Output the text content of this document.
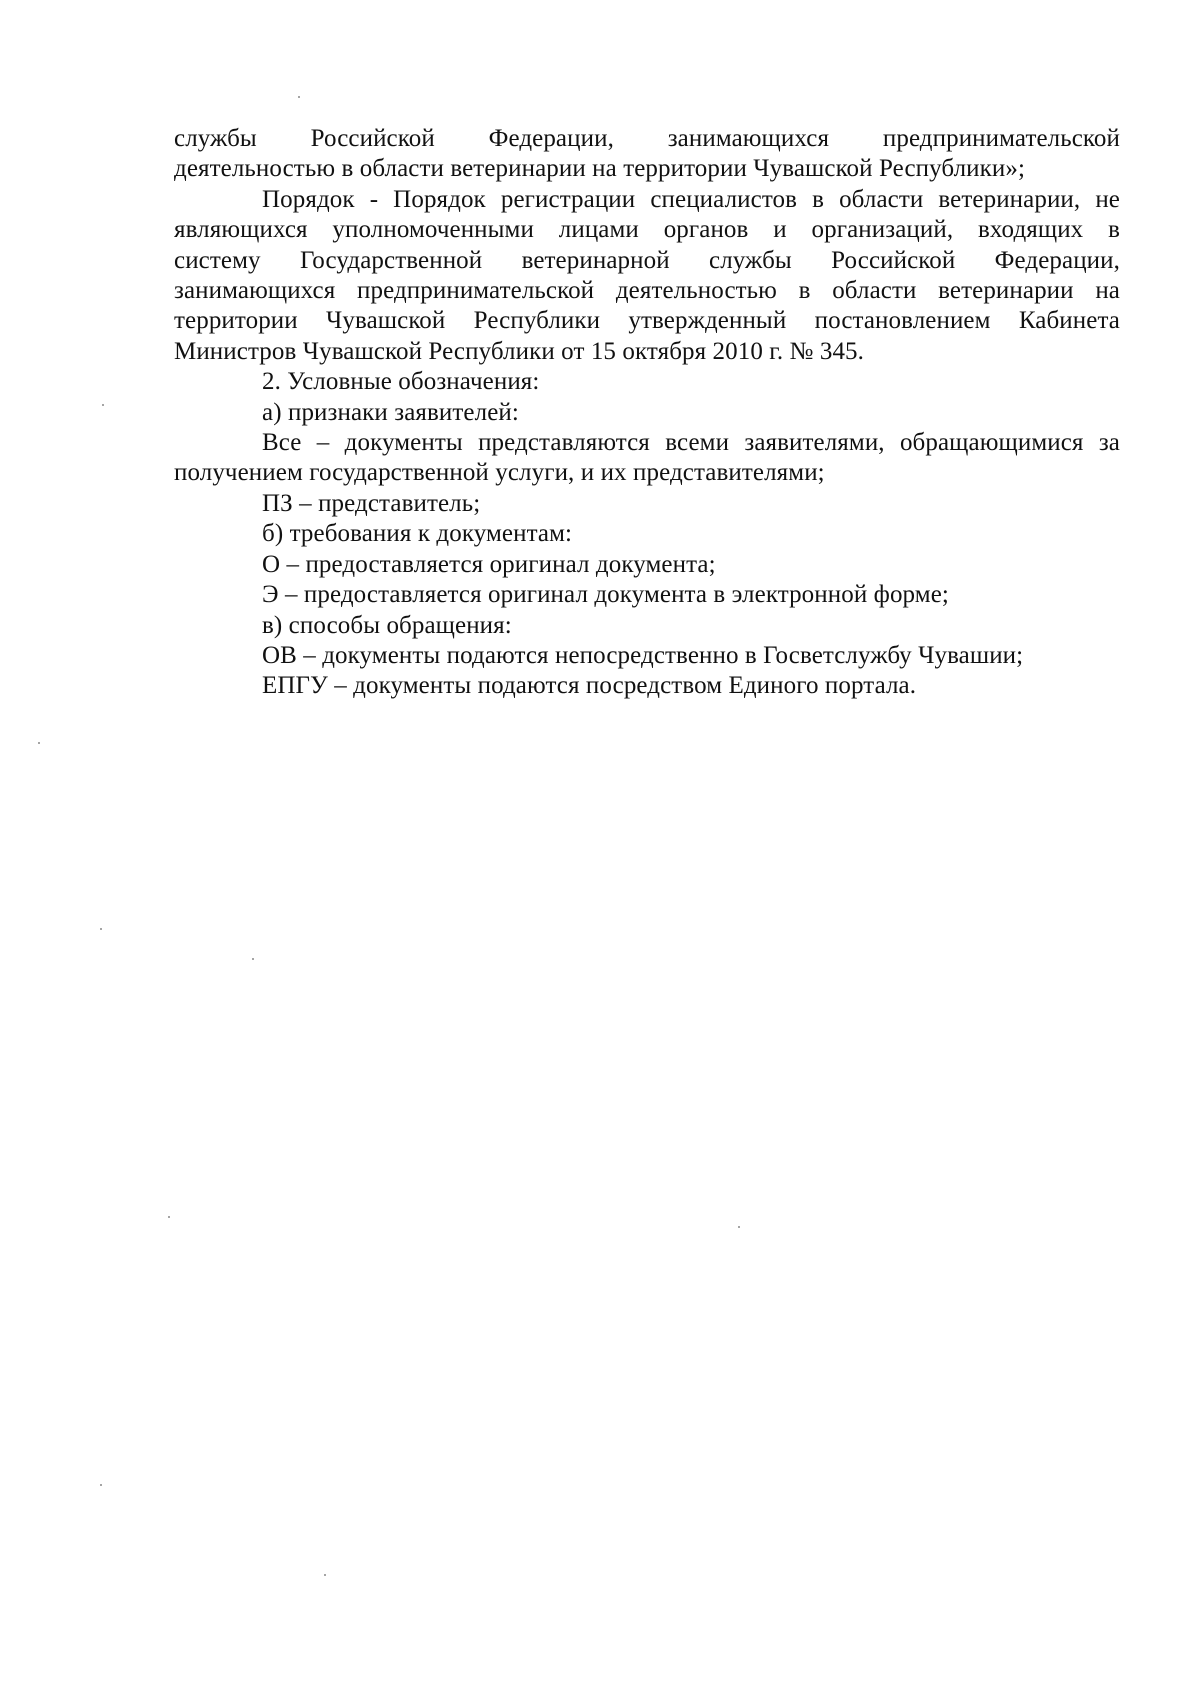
службы Российской Федерации, занимающихся предпринимательской
деятельностью в области ветеринарии на территории Чувашской Республики»;

Порядок - Порядок регистрации специалистов в области ветеринарии, не
являющихся уполномоченными лицами органов и организаций, входящих в
систему Государственной ветеринарной службы Российской Федерации,
занимающихся предпринимательской деятельностью в области ветеринарии на
территории Чувашской Республики утвержденный постановлением Кабинета
Министров Чувашской Республики от 15 октября 2010 г. № 345.

2. Условные обозначения:

а) признаки заявителей:

Все – документы представляются всеми заявителями, обращающимися за
получением государственной услуги, и их представителями;

ПЗ – представитель;

б) требования к документам:

О – предоставляется оригинал документа;

Э – предоставляется оригинал документа в электронной форме;

в) способы обращения:

ОВ – документы подаются непосредственно в Госветслужбу Чувашии;

ЕПГУ – документы подаются посредством Единого портала.
